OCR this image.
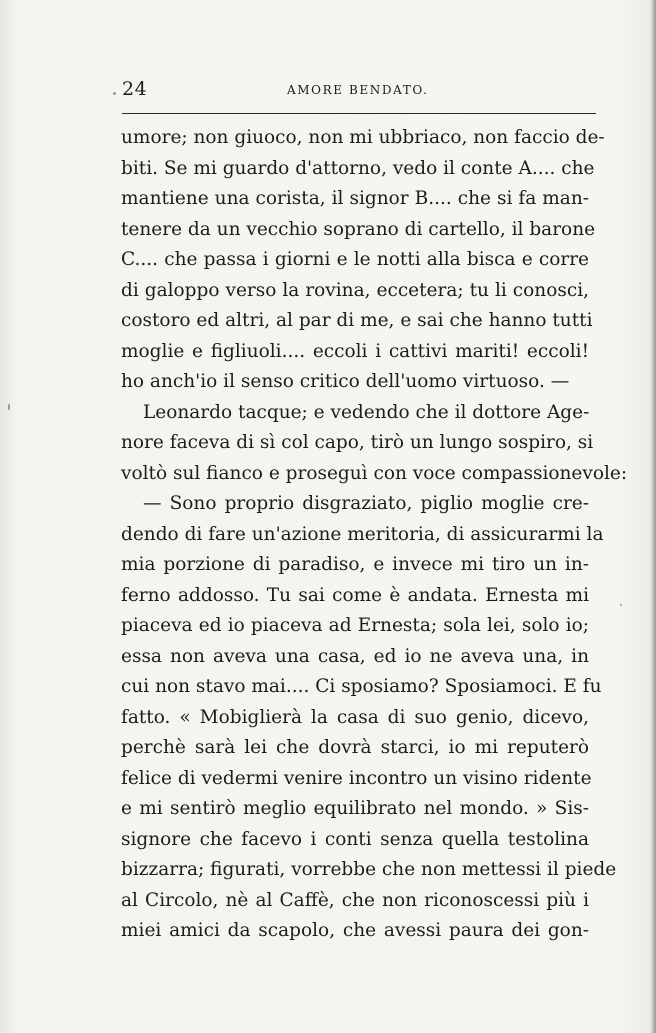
24	AMORE BENDATO.
umore; non giuoco, non mi ubbriaco, non faccio de-
biti. Se mi guardo d'attorno, vedo il conte A.... che
mantiene una corista, il signor B.... che si fa man-
tenere da un vecchio soprano di cartello, il barone
C.... che passa i giorni e le notti alla bisca e corre
di galoppo verso la rovina, eccetera; tu li conosci,
costoro ed altri, al par di me, e sai che hanno tutti
moglie e figliuoli.... eccoli i cattivi mariti! eccoli!
ho anch'io il senso critico dell'uomo virtuoso. —
Leonardo tacque; e vedendo che il dottore Age-
nore faceva di sì col capo, tirò un lungo sospiro, si
voltò sul fianco e proseguì con voce compassionevole:
— Sono proprio disgraziato, piglio moglie cre-
dendo di fare un'azione meritoria, di assicurarmi la
mia porzione di paradiso, e invece mi tiro un in-
ferno addosso. Tu sai come è andata. Ernesta mi
piaceva ed io piaceva ad Ernesta; sola lei, solo io;
essa non aveva una casa, ed io ne aveva una, in
cui non stavo mai.... Ci sposiamo? Sposiamoci. E fu
fatto. « Mobiglierà la casa di suo genio, dicevo,
perchè sarà lei che dovrà starci, io mi reputerò
felice di vedermi venire incontro un visino ridente
e mi sentirò meglio equilibrato nel mondo. » Sis-
signore che facevo i conti senza quella testolina
bizzarra; figurati, vorrebbe che non mettessi il piede
al Circolo, nè al Caffè, che non riconoscessi più i
miei amici da scapolo, che avessi paura dei gon-
